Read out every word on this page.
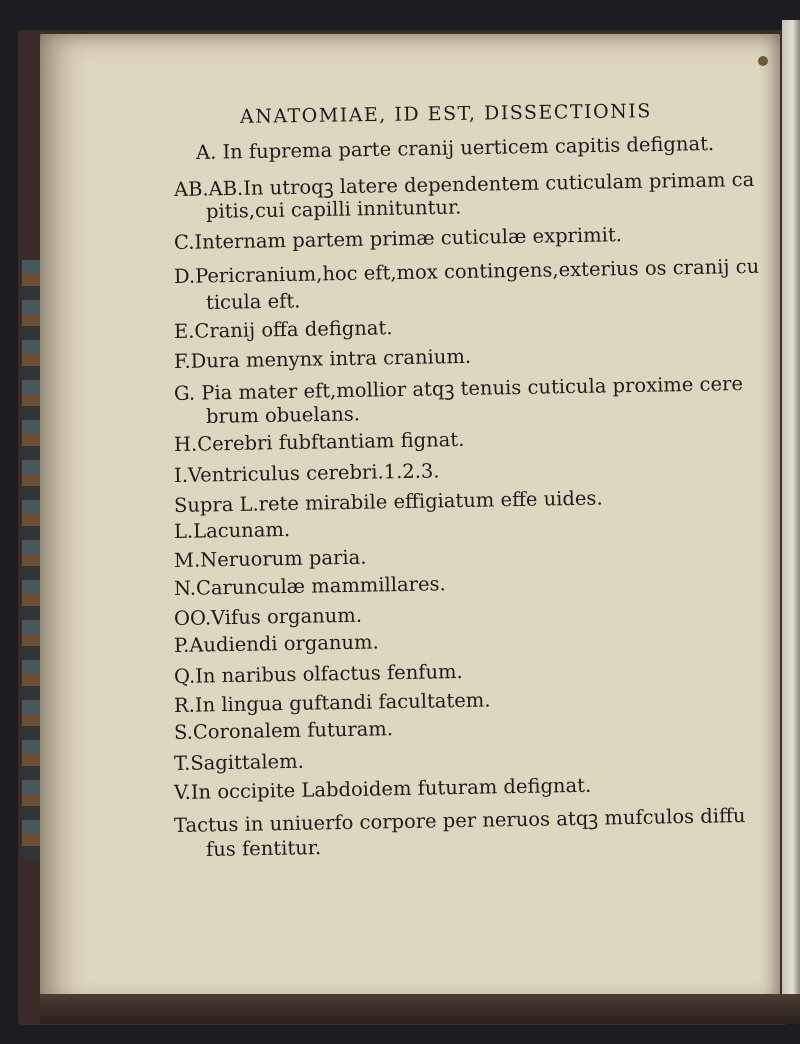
ANATOMIAE, ID EST, DISSECTIONIS
A. In fuprema parte cranij uerticem capitis defignat.
AB.AB.In utroqꝫ latere dependentem cuticulam primam ca
pitis,cui capilli innituntur.
C.Internam partem primæ cuticulæ exprimit.
D.Pericranium,hoc eft,mox contingens,exterius os cranij cu
ticula eft.
E.Cranij offa defignat.
F.Dura menynx intra cranium.
G. Pia mater eft,mollior atqꝫ tenuis cuticula proxime cere
brum obuelans.
H.Cerebri fubftantiam fignat.
I.Ventriculus cerebri.1.2.3.
Supra L.rete mirabile effigiatum effe uides.
L.Lacunam.
M.Neruorum paria.
N.Carunculæ mammillares.
OO.Vifus organum.
P.Audiendi organum.
Q.In naribus olfactus fenfum.
R.In lingua guftandi facultatem.
S.Coronalem futuram.
T.Sagittalem.
V.In occipite Labdoidem futuram defignat.
Tactus in uniuerfo corpore per neruos atqꝫ mufculos diffu
fus fentitur.
